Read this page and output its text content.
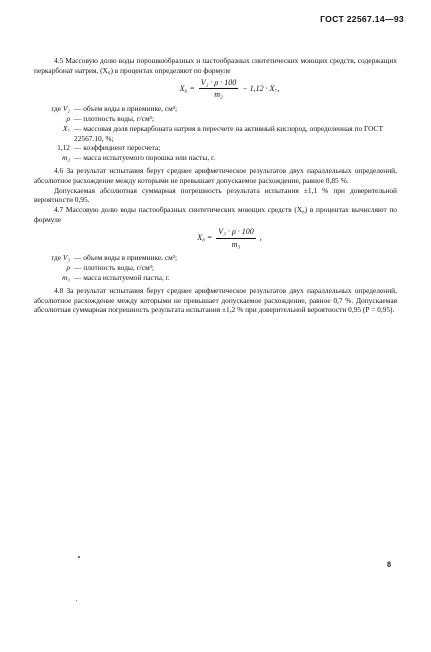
ГОСТ 22567.14—93
4.5 Массовую долю воды порошкообразных и пастообразных синтетических моющих средств, содержащих перкарбонат натрия, (X₆) в процентах определяют по формуле
$X_6 = \frac{\text{V₂ · ρ · 100}}{\text{m₂}} - 1,12 \cdot X_7$,
где V₂ — объем воды в приемнике, см³;
ρ — плотность воды, г/см³;
X₇ — массовая доля перкарбоната натрия в пересчете на активный кислород, определенная по ГОСТ 22567.10, %;
1,12 — коэффициент пересчета;
m₂ — масса испытуемого порошка или пасты, г.
4.6 За результат испытания берут среднее арифметическое результатов двух параллельных определений, абсолютное расхождение между которыми не превышает допускаемое расхождение, равное 0,85 %.
Допускаемая абсолютная суммарная погрешность результата испытания ±1,1 % при доверительной вероятности 0,95.
4.7 Массовую долю воды пастообразных синтетических моющих средств (X₈) в процентах вычисляют по формуле
$X_8 = \frac{\text{V₃ · ρ · 100}}{\text{m₃}}$ ,
где V₃ — объем воды в приемнике, см³;
ρ — плотность воды, г/см³;
m₃ — масса испытуемой пасты, г.
4.8 За результат испытания берут среднее арифметическое результатов двух параллельных определений, абсолютное расхождение между которыми не превышает допускаемое расхождение, равное 0,7 %. Допускаемая абсолютная суммарная погрешность результата испытания ±1,2 % при доверительной вероятности 0,95 (P = 0,95).
8
